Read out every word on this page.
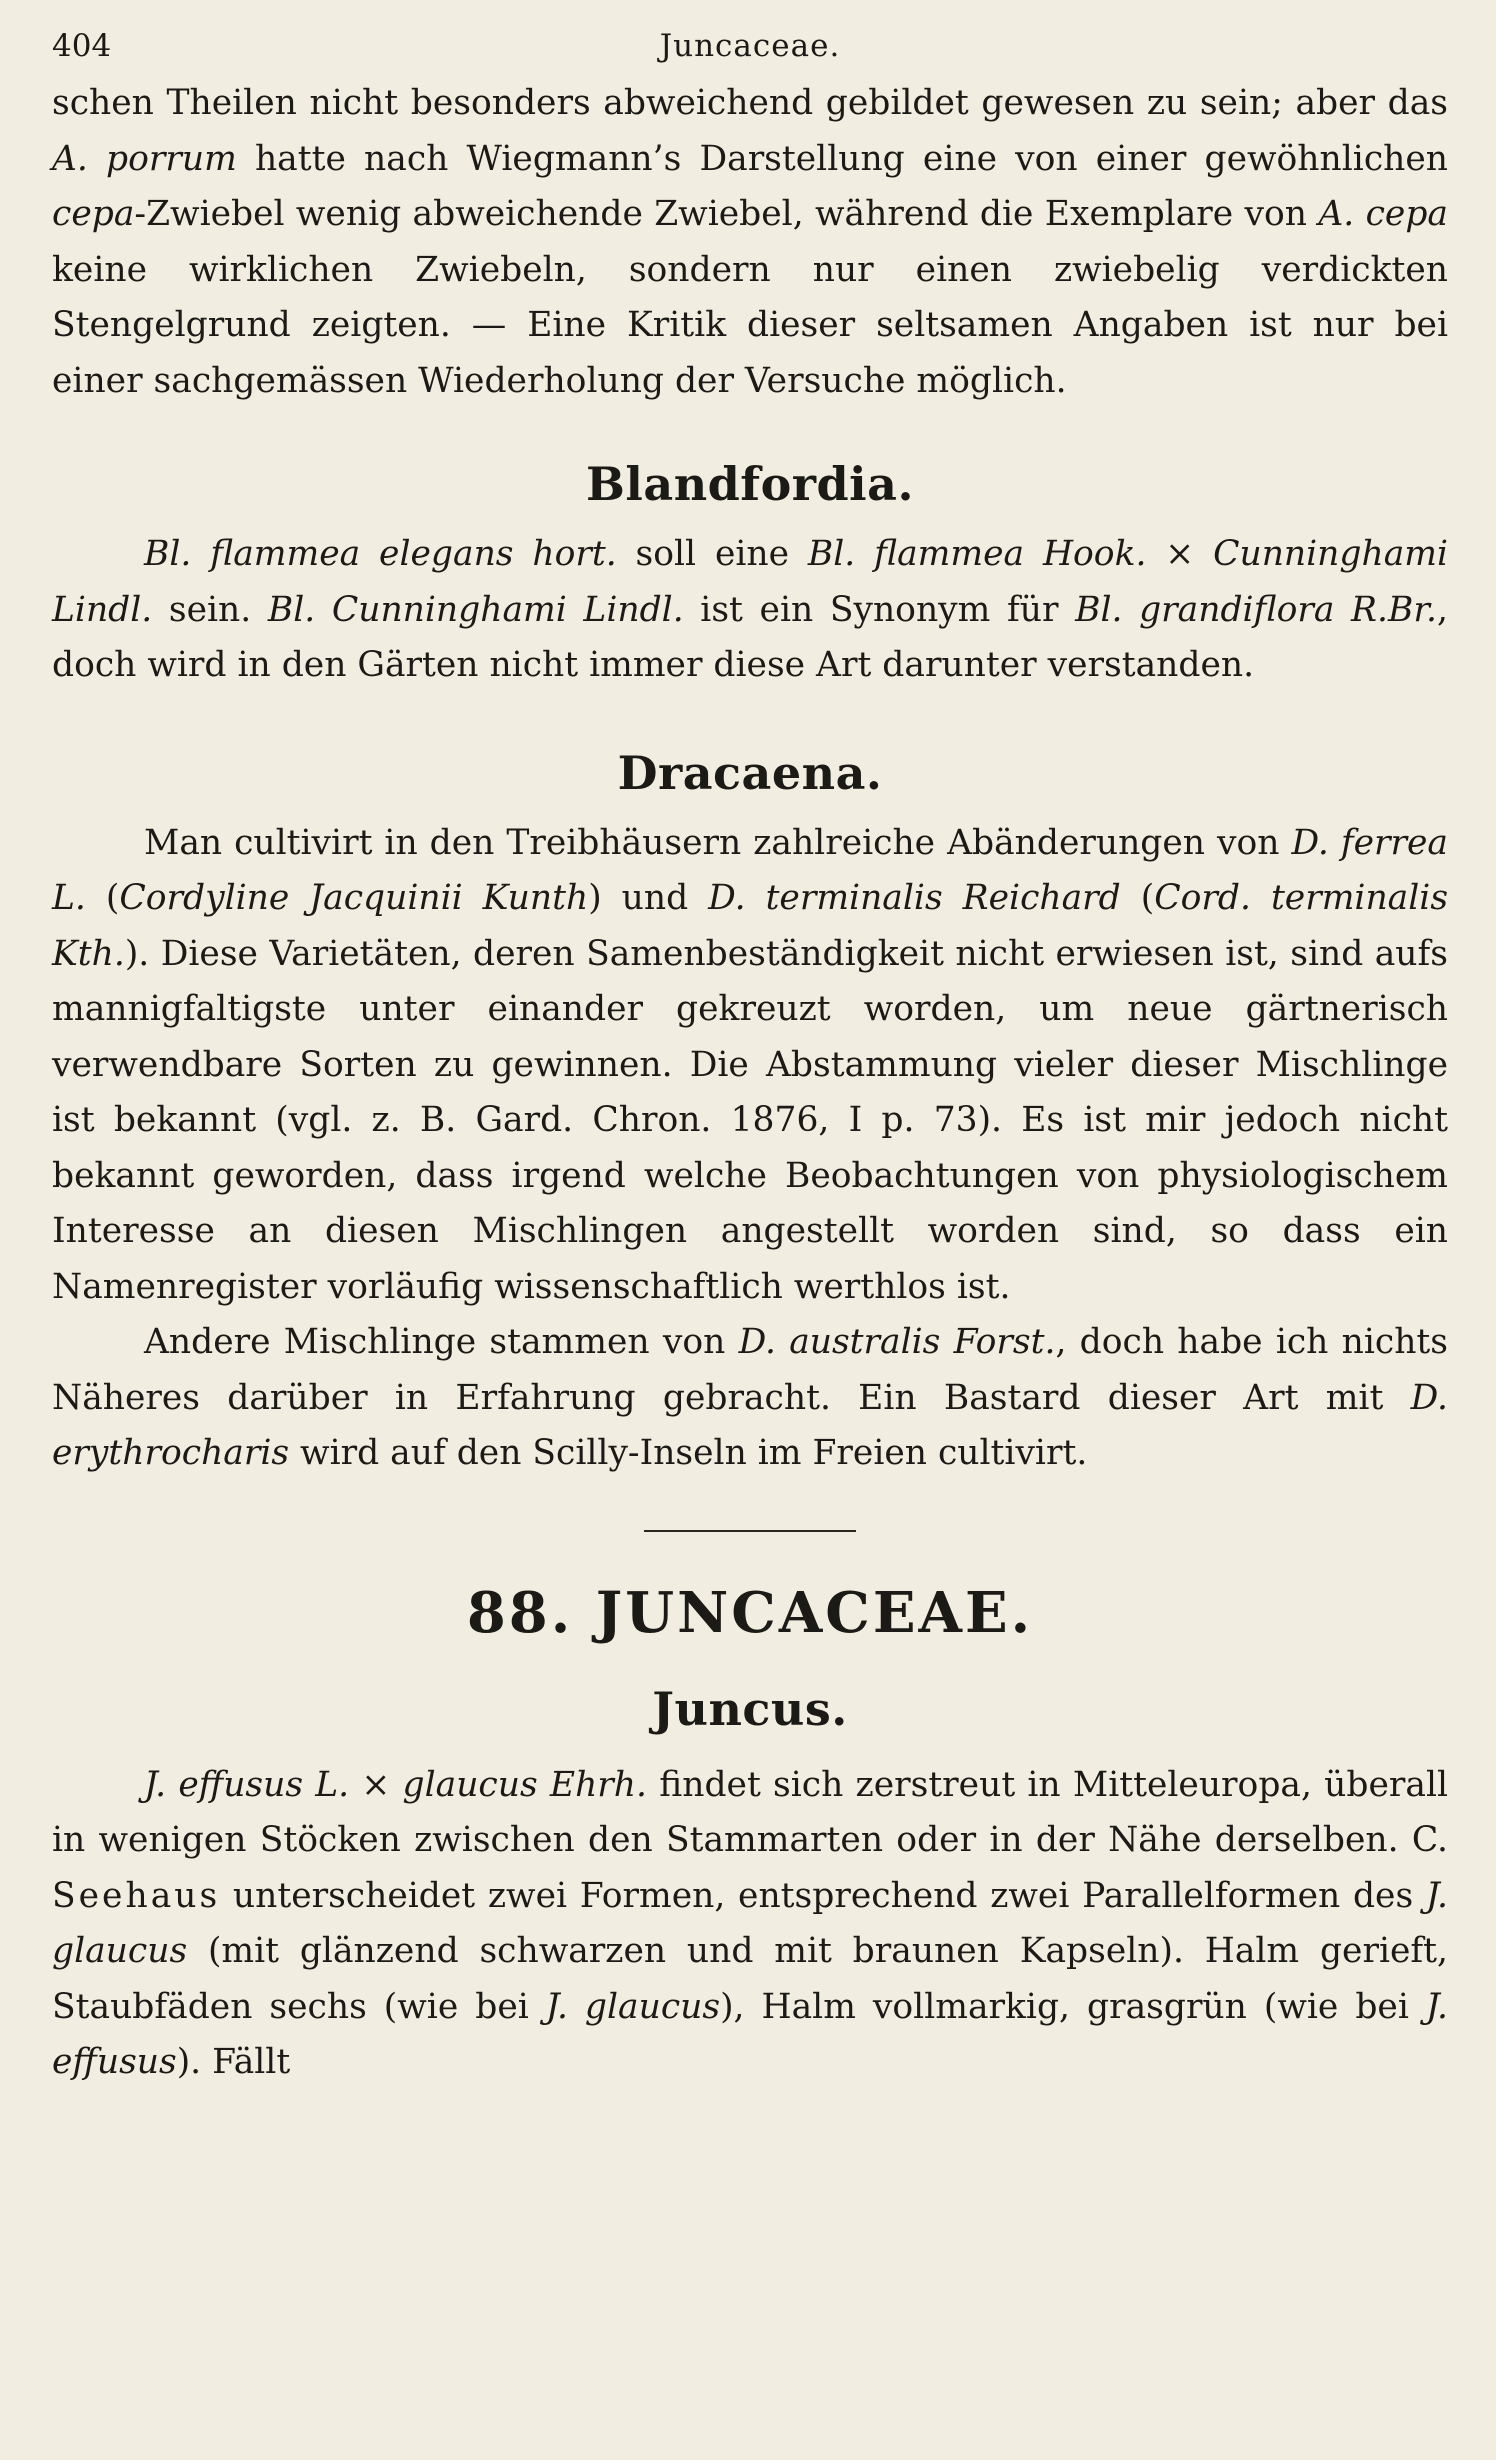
404	Juncaceae.

schen Theilen nicht besonders abweichend gebildet gewesen zu sein; aber das A. porrum hatte nach Wiegmann’s Darstellung eine von einer gewöhnlichen cepa-Zwiebel wenig abweichende Zwiebel, während die Exemplare von A. cepa keine wirklichen Zwiebeln, sondern nur einen zwiebelig verdickten Stengelgrund zeigten. — Eine Kritik dieser seltsamen Angaben ist nur bei einer sachgemässen Wiederholung der Versuche möglich.

Blandfordia.

Bl. flammea elegans hort. soll eine Bl. flammea Hook. × Cunninghami Lindl. sein. Bl. Cunninghami Lindl. ist ein Synonym für Bl. grandiflora R.Br., doch wird in den Gärten nicht immer diese Art darunter verstanden.

Dracaena.

Man cultivirt in den Treibhäusern zahlreiche Abänderungen von D. ferrea L. (Cordyline Jacquinii Kunth) und D. terminalis Reichard (Cord. terminalis Kth.). Diese Varietäten, deren Samenbeständigkeit nicht erwiesen ist, sind aufs mannigfaltigste unter einander gekreuzt worden, um neue gärtnerisch verwendbare Sorten zu gewinnen. Die Abstammung vieler dieser Mischlinge ist bekannt (vgl. z. B. Gard. Chron. 1876, I p. 73). Es ist mir jedoch nicht bekannt geworden, dass irgend welche Beobachtungen von physiologischem Interesse an diesen Mischlingen angestellt worden sind, so dass ein Namenregister vorläufig wissenschaftlich werthlos ist.

Andere Mischlinge stammen von D. australis Forst., doch habe ich nichts Näheres darüber in Erfahrung gebracht. Ein Bastard dieser Art mit D. erythrocharis wird auf den Scilly-Inseln im Freien cultivirt.

88. JUNCACEAE.
Juncus.

J. effusus L. × glaucus Ehrh. findet sich zerstreut in Mitteleuropa, überall in wenigen Stöcken zwischen den Stammarten oder in der Nähe derselben. C. Seehaus unterscheidet zwei Formen, entsprechend zwei Parallelformen des J. glaucus (mit glänzend schwarzen und mit braunen Kapseln). Halm gerieft, Staubfäden sechs (wie bei J. glaucus), Halm vollmarkig, grasgrün (wie bei J. effusus). Fällt
